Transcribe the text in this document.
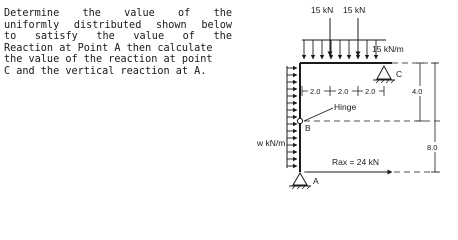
Determine the value of the
uniformly distributed shown below
to satisfy the value of the
Reaction at Point A then calculate
the value of the reaction at point
C and the vertical reaction at A.
15 kN 15 kN
15 kN/m
w kN/m
Hinge
2.0 2.0 2.0
C
A
B
4.0
8.0
Rax = 24 kN
